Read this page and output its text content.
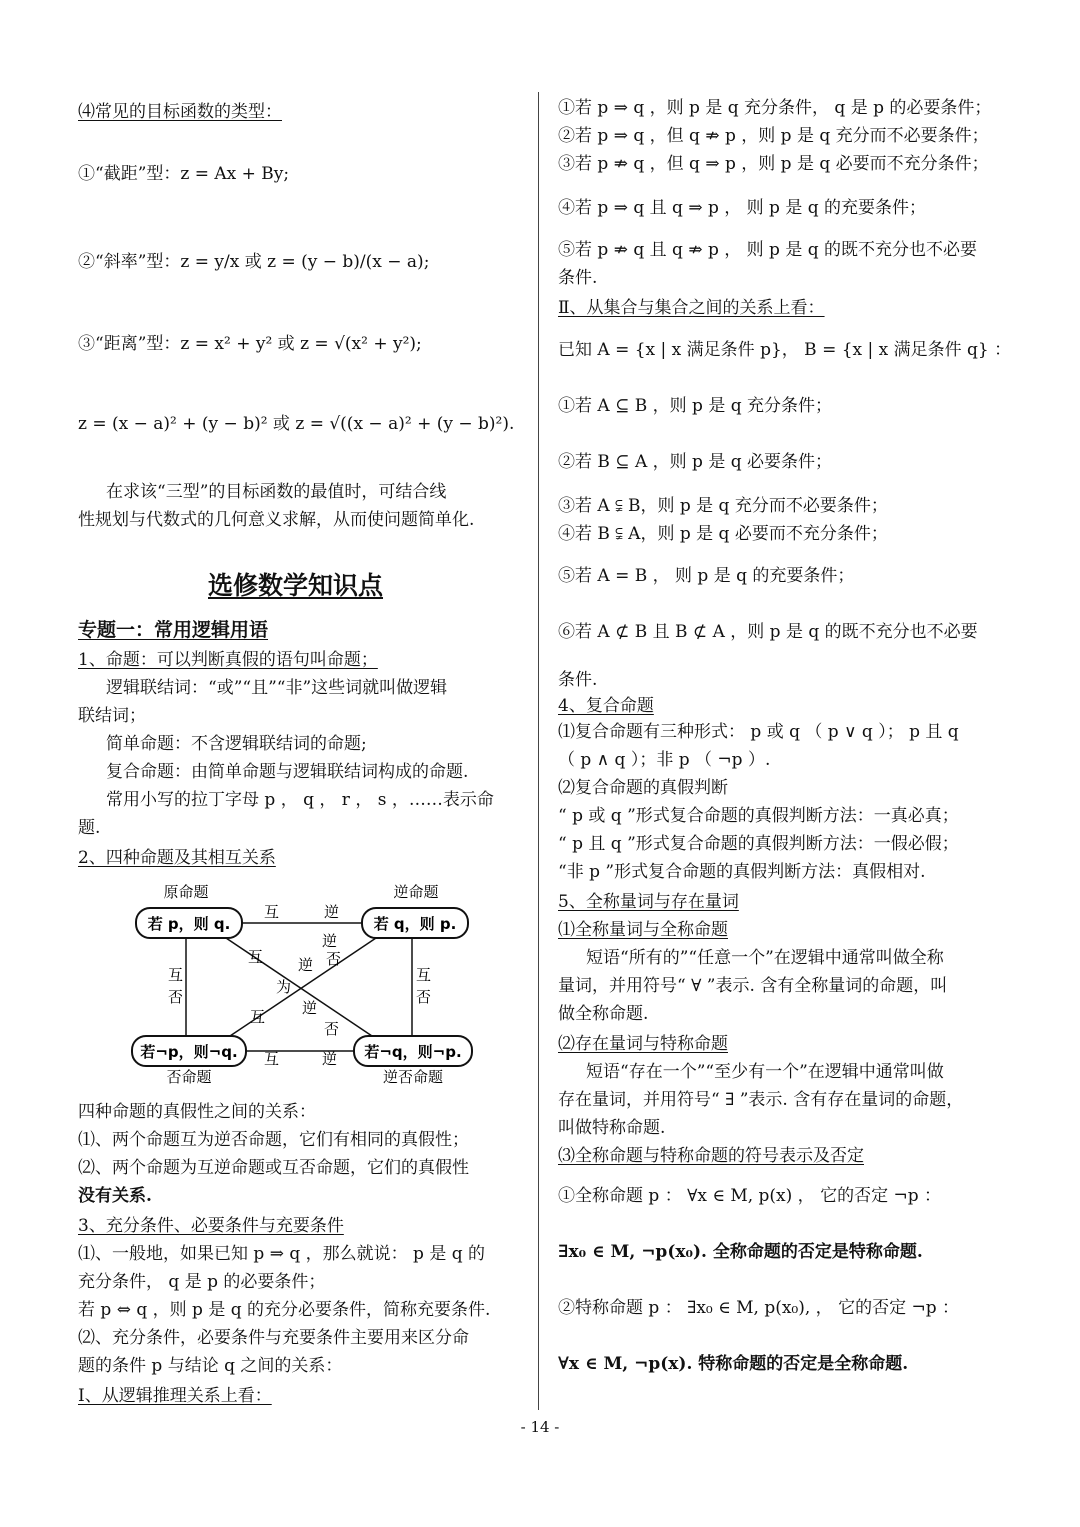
⑷常见的目标函数的类型：
①“截距”型：z = Ax + By;
②“斜率”型：z = y/x 或 z = (y − b)/(x − a);
③“距离”型：z = x² + y² 或 z = √(x² + y²);
z = (x − a)² + (y − b)² 或 z = √((x − a)² + (y − b)²).
在求该“三型”的目标函数的最值时，可结合线
性规划与代数式的几何意义求解，从而使问题简单化.
选修数学知识点
专题一：常用逻辑用语
1、命题：可以判断真假的语句叫命题；
逻辑联结词：“或”“且”“非”这些词就叫做逻辑
联结词；
简单命题：不含逻辑联结词的命题;
复合命题：由简单命题与逻辑联结词构成的命题.
常用小写的拉丁字母 p ， q ， r ， s ，……表示命
题.
2、四种命题及其相互关系
四种命题的真假性之间的关系：
⑴、两个命题互为逆否命题，它们有相同的真假性；
⑵、两个命题为互逆命题或互否命题，它们的真假性
没有关系.
3、充分条件、必要条件与充要条件
⑴、一般地，如果已知 p ⇒ q ，那么就说： p 是 q 的
充分条件， q 是 p 的必要条件；
若 p ⇔ q ，则 p 是 q 的充分必要条件，简称充要条件.
⑵、充分条件，必要条件与充要条件主要用来区分命
题的条件 p 与结论 q 之间的关系：
Ⅰ、从逻辑推理关系上看：
原命题	逆命题
若 p，则 q.	若 q，则 p.
互	逆
若¬p，则¬q.	若¬q，则¬p.
互	逆
否命题	逆否命题
互
否
互
否
互
逆
否
逆
为
逆
互
否
①若 p ⇒ q ，则 p 是 q 充分条件， q 是 p 的必要条件；
②若 p ⇒ q ，但 q ⇏ p ，则 p 是 q 充分而不必要条件；
③若 p ⇏ q ，但 q ⇒ p ，则 p 是 q 必要而不充分条件；
④若 p ⇒ q 且 q ⇒ p ， 则 p 是 q 的充要条件；
⑤若 p ⇏ q 且 q ⇏ p ， 则 p 是 q 的既不充分也不必要
条件.
Ⅱ、从集合与集合之间的关系上看：
已知 A = {x | x 满足条件 p}， B = {x | x 满足条件 q} ：
①若 A ⊆ B ，则 p 是 q 充分条件；
②若 B ⊆ A ，则 p 是 q 必要条件；
③若 A ⫋ B，则 p 是 q 充分而不必要条件；
④若 B ⫋ A，则 p 是 q 必要而不充分条件；
⑤若 A = B ， 则 p 是 q 的充要条件；
⑥若 A ⊄ B 且 B ⊄ A ，则 p 是 q 的既不充分也不必要
条件.
4、复合命题
⑴复合命题有三种形式： p 或 q （ p ∨ q ）； p 且 q
（ p ∧ q ）；非 p （ ¬p ）.
⑵复合命题的真假判断
“ p 或 q ”形式复合命题的真假判断方法：一真必真；
“ p 且 q ”形式复合命题的真假判断方法：一假必假；
“非 p ”形式复合命题的真假判断方法：真假相对.
5、全称量词与存在量词
⑴全称量词与全称命题
短语“所有的”“任意一个”在逻辑中通常叫做全称
量词，并用符号“ ∀ ”表示. 含有全称量词的命题，叫
做全称命题.
⑵存在量词与特称命题
短语“存在一个”“至少有一个”在逻辑中通常叫做
存在量词，并用符号“ ∃ ”表示. 含有存在量词的命题，
叫做特称命题.
⑶全称命题与特称命题的符号表示及否定
①全称命题 p ： ∀x ∈ M, p(x) ， 它的否定 ¬p ：
∃x₀ ∈ M, ¬p(x₀). 全称命题的否定是特称命题.
②特称命题 p ： ∃x₀ ∈ M, p(x₀), ， 它的否定 ¬p ：
∀x ∈ M, ¬p(x). 特称命题的否定是全称命题.
- 14 -
